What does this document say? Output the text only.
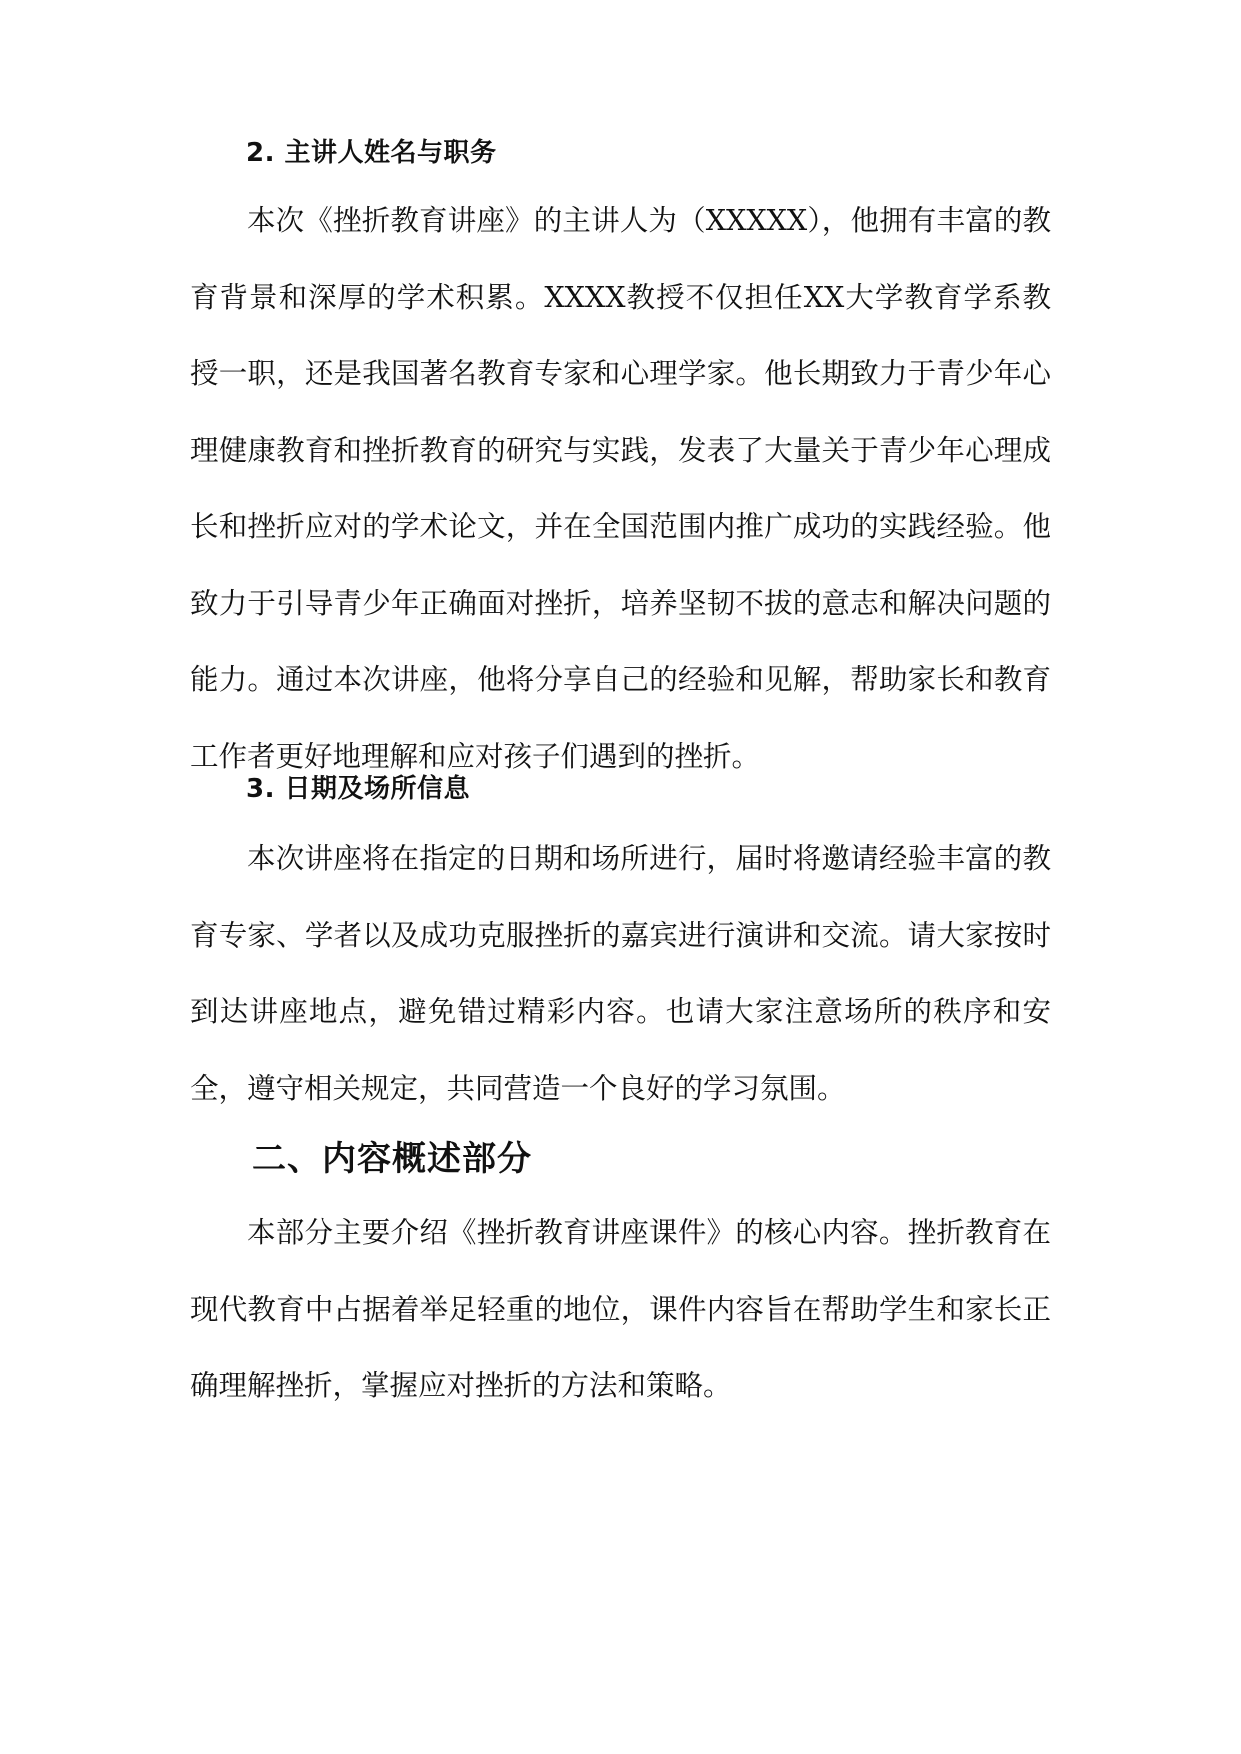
2. 主讲人姓名与职务

本次《挫折教育讲座》的主讲人为（XXXXX），他拥有丰富的教育背景和深厚的学术积累。XXXX教授不仅担任XX大学教育学系教授一职，还是我国著名教育专家和心理学家。他长期致力于青少年心理健康教育和挫折教育的研究与实践，发表了大量关于青少年心理成长和挫折应对的学术论文，并在全国范围内推广成功的实践经验。他致力于引导青少年正确面对挫折，培养坚韧不拔的意志和解决问题的能力。通过本次讲座，他将分享自己的经验和见解，帮助家长和教育工作者更好地理解和应对孩子们遇到的挫折。

3. 日期及场所信息

本次讲座将在指定的日期和场所进行，届时将邀请经验丰富的教育专家、学者以及成功克服挫折的嘉宾进行演讲和交流。请大家按时到达讲座地点，避免错过精彩内容。也请大家注意场所的秩序和安全，遵守相关规定，共同营造一个良好的学习氛围。

二、内容概述部分

本部分主要介绍《挫折教育讲座课件》的核心内容。挫折教育在现代教育中占据着举足轻重的地位，课件内容旨在帮助学生和家长正确理解挫折，掌握应对挫折的方法和策略。
